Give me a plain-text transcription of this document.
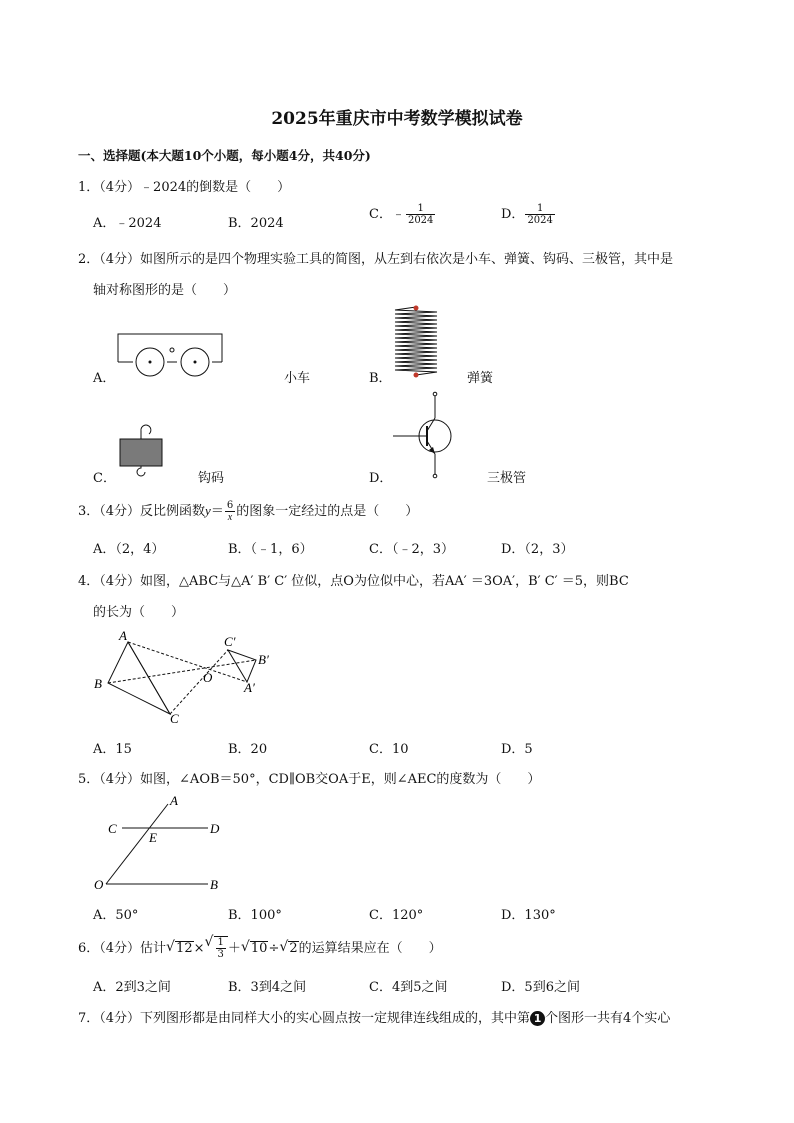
2025年重庆市中考数学模拟试卷
一、选择题(本大题10个小题，每小题4分，共40分)
1．（4分）﹣2024的倒数是（　　）
A．﹣2024	B．2024
C．﹣ $\frac{1}{2024}$	D． $\frac{1}{2024}$
2．（4分）如图所示的是四个物理实验工具的简图，从左到右依次是小车、弹簧、钩码、三极管，其中是
轴对称图形的是（　　）
A．	小车	B．	弹簧
C．	钩码	D．	三极管
3．（4分）反比例函数$y= \frac{6}{x}$ 的图象一定经过的点是（　　）
A．（2，4）	B．（﹣1，6）	C．（﹣2，3）	D．（2，3）
4．（4分）如图，△ABC与△A′ B′ C′ 位似，点O为位似中心，若AA′ ＝3OA′，B′ C′ ＝5，则BC
的长为（　　）
A
B
C
O
C′
B′
A′
A．15	B．20	C．10	D．5
5．（4分）如图，∠AOB＝50°，CD∥OB交OA于E，则∠AEC的度数为（　　）
A
C	D
E
O	B
A．50°	B．100°	C．120°	D．130°
6．（4分）估计 √ 12× √ $\frac{1}{3}$ ＋ √ 10÷ √ 2的运算结果应在（　　）
A．2到3之间	B．3到4之间	C．4到5之间	D．5到6之间
7．（4分）下列图形都是由同样大小的实心圆点按一定规律连线组成的，其中第 1 个图形一共有4个实心
